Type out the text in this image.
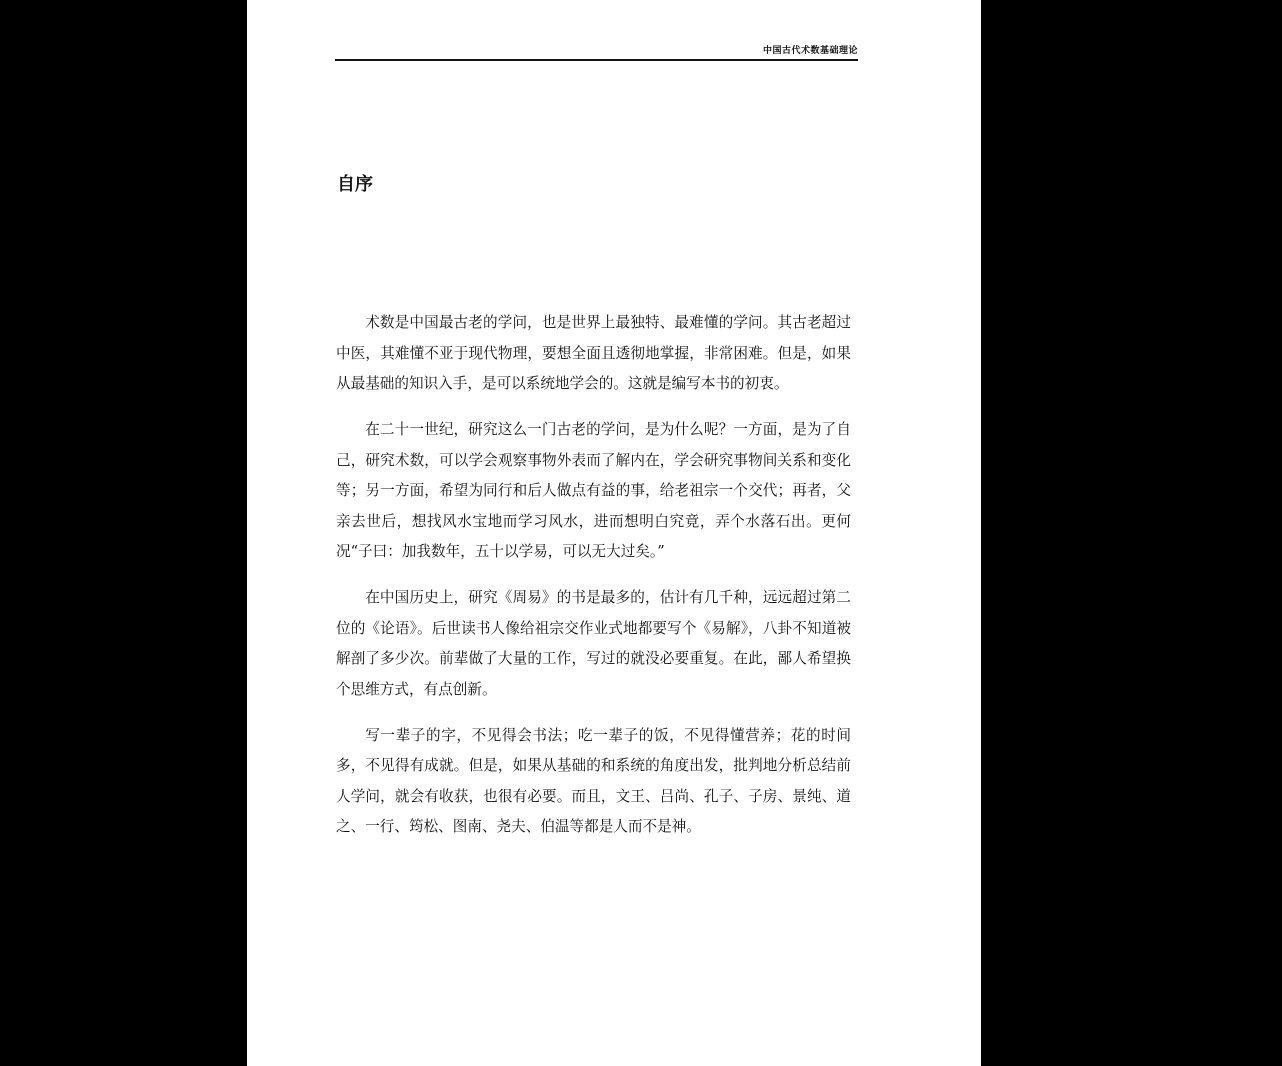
中国古代术数基础理论
自序

术数是中国最古老的学问，也是世界上最独特、最难懂的学问。其古老超过中医，其难懂不亚于现代物理，要想全面且透彻地掌握，非常困难。但是，如果从最基础的知识入手，是可以系统地学会的。这就是编写本书的初衷。

在二十一世纪，研究这么一门古老的学问，是为什么呢？一方面，是为了自己，研究术数，可以学会观察事物外表而了解内在，学会研究事物间关系和变化等；另一方面，希望为同行和后人做点有益的事，给老祖宗一个交代；再者，父亲去世后，想找风水宝地而学习风水，进而想明白究竟，弄个水落石出。更何况“子曰：加我数年，五十以学易，可以无大过矣。”

在中国历史上，研究《周易》的书是最多的，估计有几千种，远远超过第二位的《论语》。后世读书人像给祖宗交作业式地都要写个《易解》，八卦不知道被解剖了多少次。前辈做了大量的工作，写过的就没必要重复。在此，鄙人希望换个思维方式，有点创新。

写一辈子的字，不见得会书法；吃一辈子的饭，不见得懂营养；花的时间多，不见得有成就。但是，如果从基础的和系统的角度出发，批判地分析总结前人学问，就会有收获，也很有必要。而且，文王、吕尚、孔子、子房、景纯、道之、一行、筠松、图南、尧夫、伯温等都是人而不是神。
